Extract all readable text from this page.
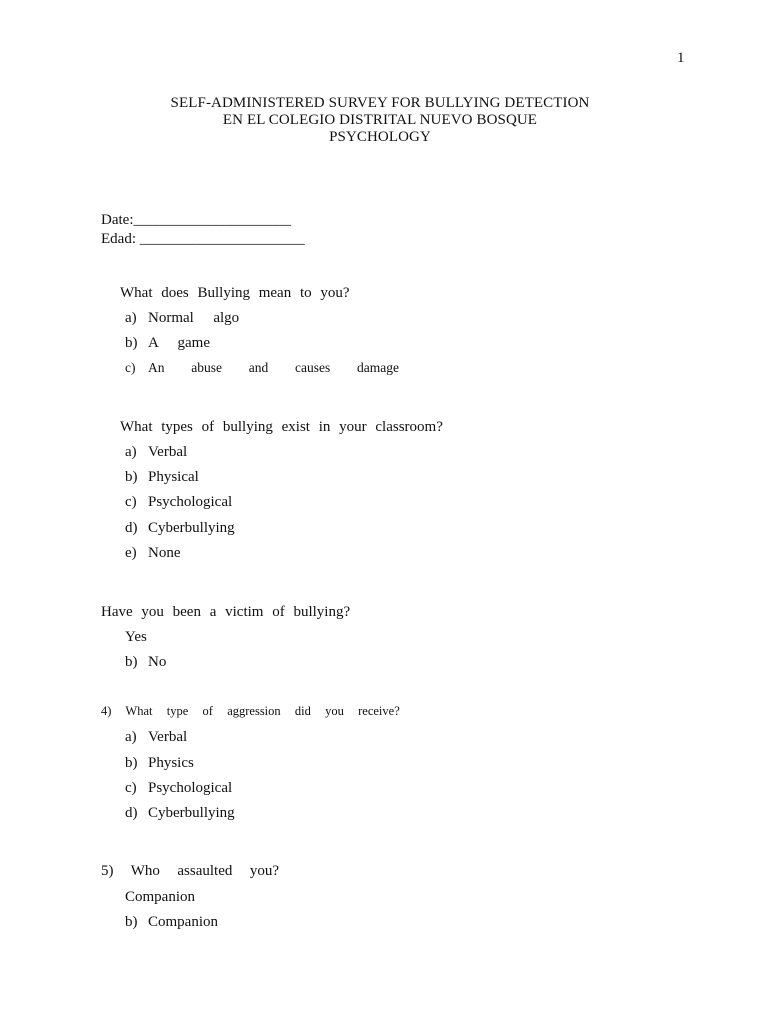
1
SELF-ADMINISTERED SURVEY FOR BULLYING DETECTION
EN EL COLEGIO DISTRITAL NUEVO BOSQUE
PSYCHOLOGY
Date:_____________________
Edad: ______________________
What does Bullying mean to you?
a) Normal  algo
b) A  game
c) An  abuse  and  causes  damage
What types of bullying exist in your classroom?
a) Verbal
b) Physical
c) Psychological
d) Cyberbullying
e) None
Have you been a victim of bullying?
Yes
b) No
4)  What  type  of  aggression  did  you  receive?
a) Verbal
b) Physics
c) Psychological
d) Cyberbullying
5)  Who  assaulted  you?
Companion
b) Companion
